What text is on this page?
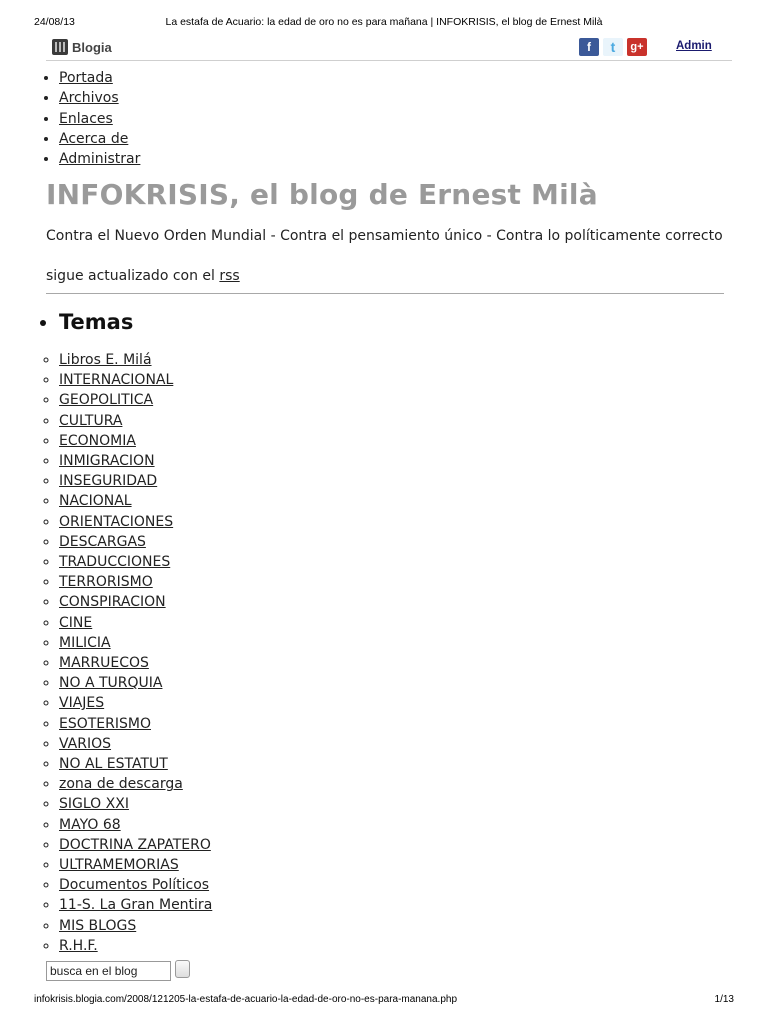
24/08/13	La estafa de Acuario: la edad de oro no es para mañana | INFOKRISIS, el blog de Ernest Milà
Blogia	f	t	g+	Admin
• Portada
• Archivos
• Enlaces
• Acerca de
• Administrar
INFOKRISIS, el blog de Ernest Milà

Contra el Nuevo Orden Mundial - Contra el pensamiento único - Contra lo políticamente correcto

sigue actualizado con el rss

• Temas
◦ Libros E. Milá
◦ INTERNACIONAL
◦ GEOPOLITICA
◦ CULTURA
◦ ECONOMIA
◦ INMIGRACION
◦ INSEGURIDAD
◦ NACIONAL
◦ ORIENTACIONES
◦ DESCARGAS
◦ TRADUCCIONES
◦ TERRORISMO
◦ CONSPIRACION
◦ CINE
◦ MILICIA
◦ MARRUECOS
◦ NO A TURQUIA
◦ VIAJES
◦ ESOTERISMO
◦ VARIOS
◦ NO AL ESTATUT
◦ zona de descarga
◦ SIGLO XXI
◦ MAYO 68
◦ DOCTRINA ZAPATERO
◦ ULTRAMEMORIAS
◦ Documentos Políticos
◦ 11-S. La Gran Mentira
◦ MIS BLOGS
◦ R.H.F.
busca en el blog
infokrisis.blogia.com/2008/121205-la-estafa-de-acuario-la-edad-de-oro-no-es-para-manana.php	1/13
